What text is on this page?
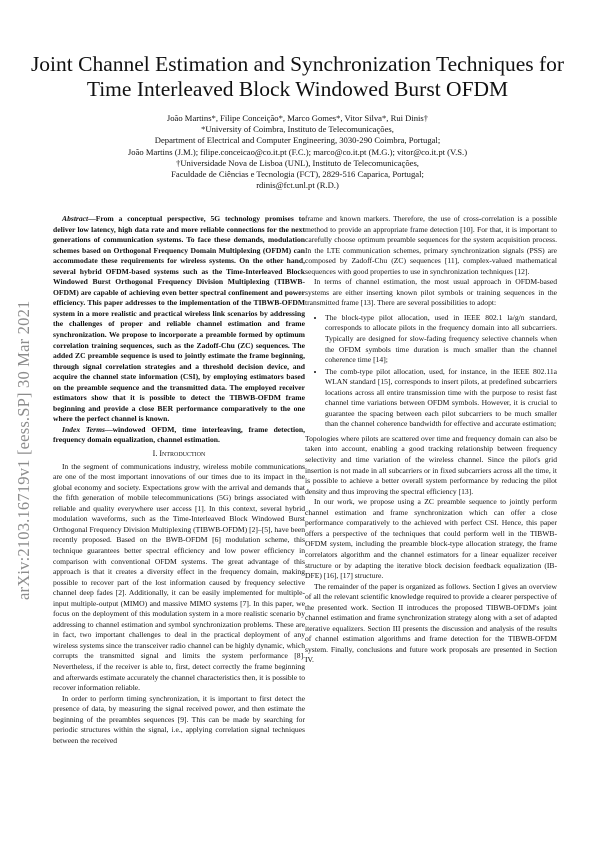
Joint Channel Estimation and Synchronization Techniques for Time Interleaved Block Windowed Burst OFDM
João Martins*, Filipe Conceição*, Marco Gomes*, Vitor Silva*, Rui Dinis†
*University of Coimbra, Instituto de Telecomunicações,
Department of Electrical and Computer Engineering, 3030-290 Coimbra, Portugal;
João Martins (J.M.); filipe.conceicao@co.it.pt (F.C.); marco@co.it.pt (M.G.); vitor@co.it.pt (V.S.)
†Universidade Nova de Lisboa (UNL), Instituto de Telecomunicações,
Faculdade de Ciências e Tecnologia (FCT), 2829-516 Caparica, Portugal;
rdinis@fct.unl.pt (R.D.)
arXiv:2103.16719v1 [eess.SP] 30 Mar 2021

Abstract—From a conceptual perspective, 5G technology promises to deliver low latency, high data rate and more reliable connections for the next generations of communication systems. To face these demands, modulation schemes based on Orthogonal Frequency Domain Multiplexing (OFDM) can accommodate these requirements for wireless systems. On the other hand, several hybrid OFDM-based systems such as the Time-Interleaved Block Windowed Burst Orthogonal Frequency Division Multiplexing (TIBWB-OFDM) are capable of achieving even better spectral confinement and power efficiency. This paper addresses to the implementation of the TIBWB-OFDM system in a more realistic and practical wireless link scenarios by addressing the challenges of proper and reliable channel estimation and frame synchronization. We propose to incorporate a preamble formed by optimum correlation training sequences, such as the Zadoff-Chu (ZC) sequences. The added ZC preamble sequence is used to jointly estimate the frame beginning, through signal correlation strategies and a threshold decision device, and acquire the channel state information (CSI), by employing estimators based on the preamble sequence and the transmitted data. The employed receiver estimators show that it is possible to detect the TIBWB-OFDM frame beginning and provide a close BER performance comparatively to the one where the perfect channel is known.

Index Terms—windowed OFDM, time interleaving, frame detection, frequency domain equalization, channel estimation.

I. Introduction

In the segment of communications industry, wireless mobile communications are one of the most important innovations of our times due to its impact in the global economy and society. Expectations grow with the arrival and demands that the fifth generation of mobile telecommunications (5G) brings associated with reliable and quality everywhere user access [1]. In this context, several hybrid modulation waveforms, such as the Time-Interleaved Block Windowed Burst Orthogonal Frequency Division Multiplexing (TIBWB-OFDM) [2]–[5], have been recently proposed. Based on the BWB-OFDM [6] modulation scheme, this technique guarantees better spectral efficiency and low power efficiency in comparison with conventional OFDM systems. The great advantage of this approach is that it creates a diversity effect in the frequency domain, making possible to recover part of the lost information caused by frequency selective channel deep fades [2]. Additionally, it can be easily implemented for multiple-input multiple-output (MIMO) and massive MIMO systems [7]. In this paper, we focus on the deployment of this modulation system in a more realistic scenario by addressing to channel estimation and symbol synchronization problems. These are in fact, two important challenges to deal in the practical deployment of any wireless systems since the transceiver radio channel can be highly dynamic, which corrupts the transmitted signal and limits the system performance [8]. Nevertheless, if the receiver is able to, first, detect correctly the frame beginning and afterwards estimate accurately the channel characteristics then, it is possible to recover information reliable.

In order to perform timing synchronization, it is important to first detect the presence of data, by measuring the signal received power, and then estimate the beginning of the preambles sequences [9]. This can be made by searching for periodic structures within the signal, i.e., applying correlation signal techniques between the received

frame and known markers. Therefore, the use of cross-correlation is a possible method to provide an appropriate frame detection [10]. For that, it is important to carefully choose optimum preamble sequences for the system acquisition process. In the LTE communication schemes, primary synchronization signals (PSS) are composed by Zadoff-Chu (ZC) sequences [11], complex-valued mathematical sequences with good properties to use in synchronization techniques [12].

In terms of channel estimation, the most usual approach in OFDM-based systems are either inserting known pilot symbols or training sequences in the transmitted frame [13]. There are several possibilities to adopt:

• The block-type pilot allocation, used in IEEE 802.1 la/g/n standard, corresponds to allocate pilots in the frequency domain into all subcarriers. Typically are designed for slow-fading frequency selective channels when the OFDM symbols time duration is much smaller than the channel coherence time [14];
• The comb-type pilot allocation, used, for instance, in the IEEE 802.11a WLAN standard [15], corresponds to insert pilots, at predefined subcarriers locations across all entire transmission time with the purpose to resist fast channel time variations between OFDM symbols. However, it is crucial to guarantee the spacing between each pilot subcarriers to be much smaller than the channel coherence bandwidth for effective and accurate estimation;

Topologies where pilots are scattered over time and frequency domain can also be taken into account, enabling a good tracking relationship between frequency selectivity and time variation of the wireless channel. Since the pilot's grid insertion is not made in all subcarriers or in fixed subcarriers across all the time, it is possible to achieve a better overall system performance by reducing the pilot density and thus improving the spectral efficiency [13].

In our work, we propose using a ZC preamble sequence to jointly perform channel estimation and frame synchronization which can offer a close performance comparatively to the achieved with perfect CSI. Hence, this paper offers a perspective of the techniques that could perform well in the TIBWB-OFDM system, including the preamble block-type allocation strategy, the frame correlators algorithm and the channel estimators for a linear equalizer receiver structure or by adapting the iterative block decision feedback equalization (IB-DFE) [16], [17] structure.

The remainder of the paper is organized as follows. Section I gives an overview of all the relevant scientific knowledge required to provide a clearer perspective of the presented work. Section II introduces the proposed TIBWB-OFDM's joint channel estimation and frame synchronization strategy along with a set of adapted iterative equalizers. Section III presents the discussion and analysis of the results of channel estimation algorithms and frame detection for the TIBWB-OFDM system. Finally, conclusions and future work proposals are presented in Section IV.
